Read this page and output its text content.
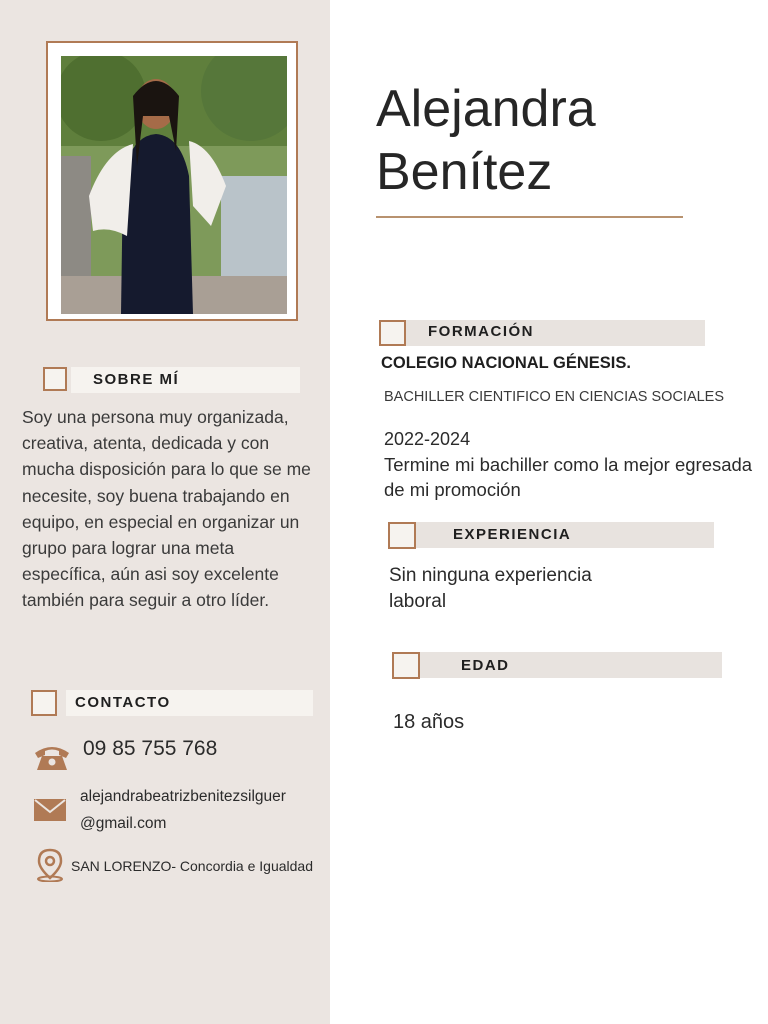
SOBRE MÍ
Soy una persona muy organizada, creativa, atenta, dedicada y con mucha disposición para lo que se me necesite, soy buena trabajando en equipo, en especial en organizar un grupo para lograr una meta específica, aún asi soy excelente también para seguir a otro líder.
CONTACTO
09 85 755 768
alejandrabeatrizbenitezsilguer
@gmail.com
SAN LORENZO- Concordia e Igualdad
Alejandra
Benítez
FORMACIÓN
COLEGIO NACIONAL GÉNESIS.
BACHILLER CIENTIFICO EN CIENCIAS SOCIALES
2022-2024
Termine mi bachiller como la mejor egresada de mi promoción
EXPERIENCIA
Sin ninguna experiencia laboral
EDAD
18 años
